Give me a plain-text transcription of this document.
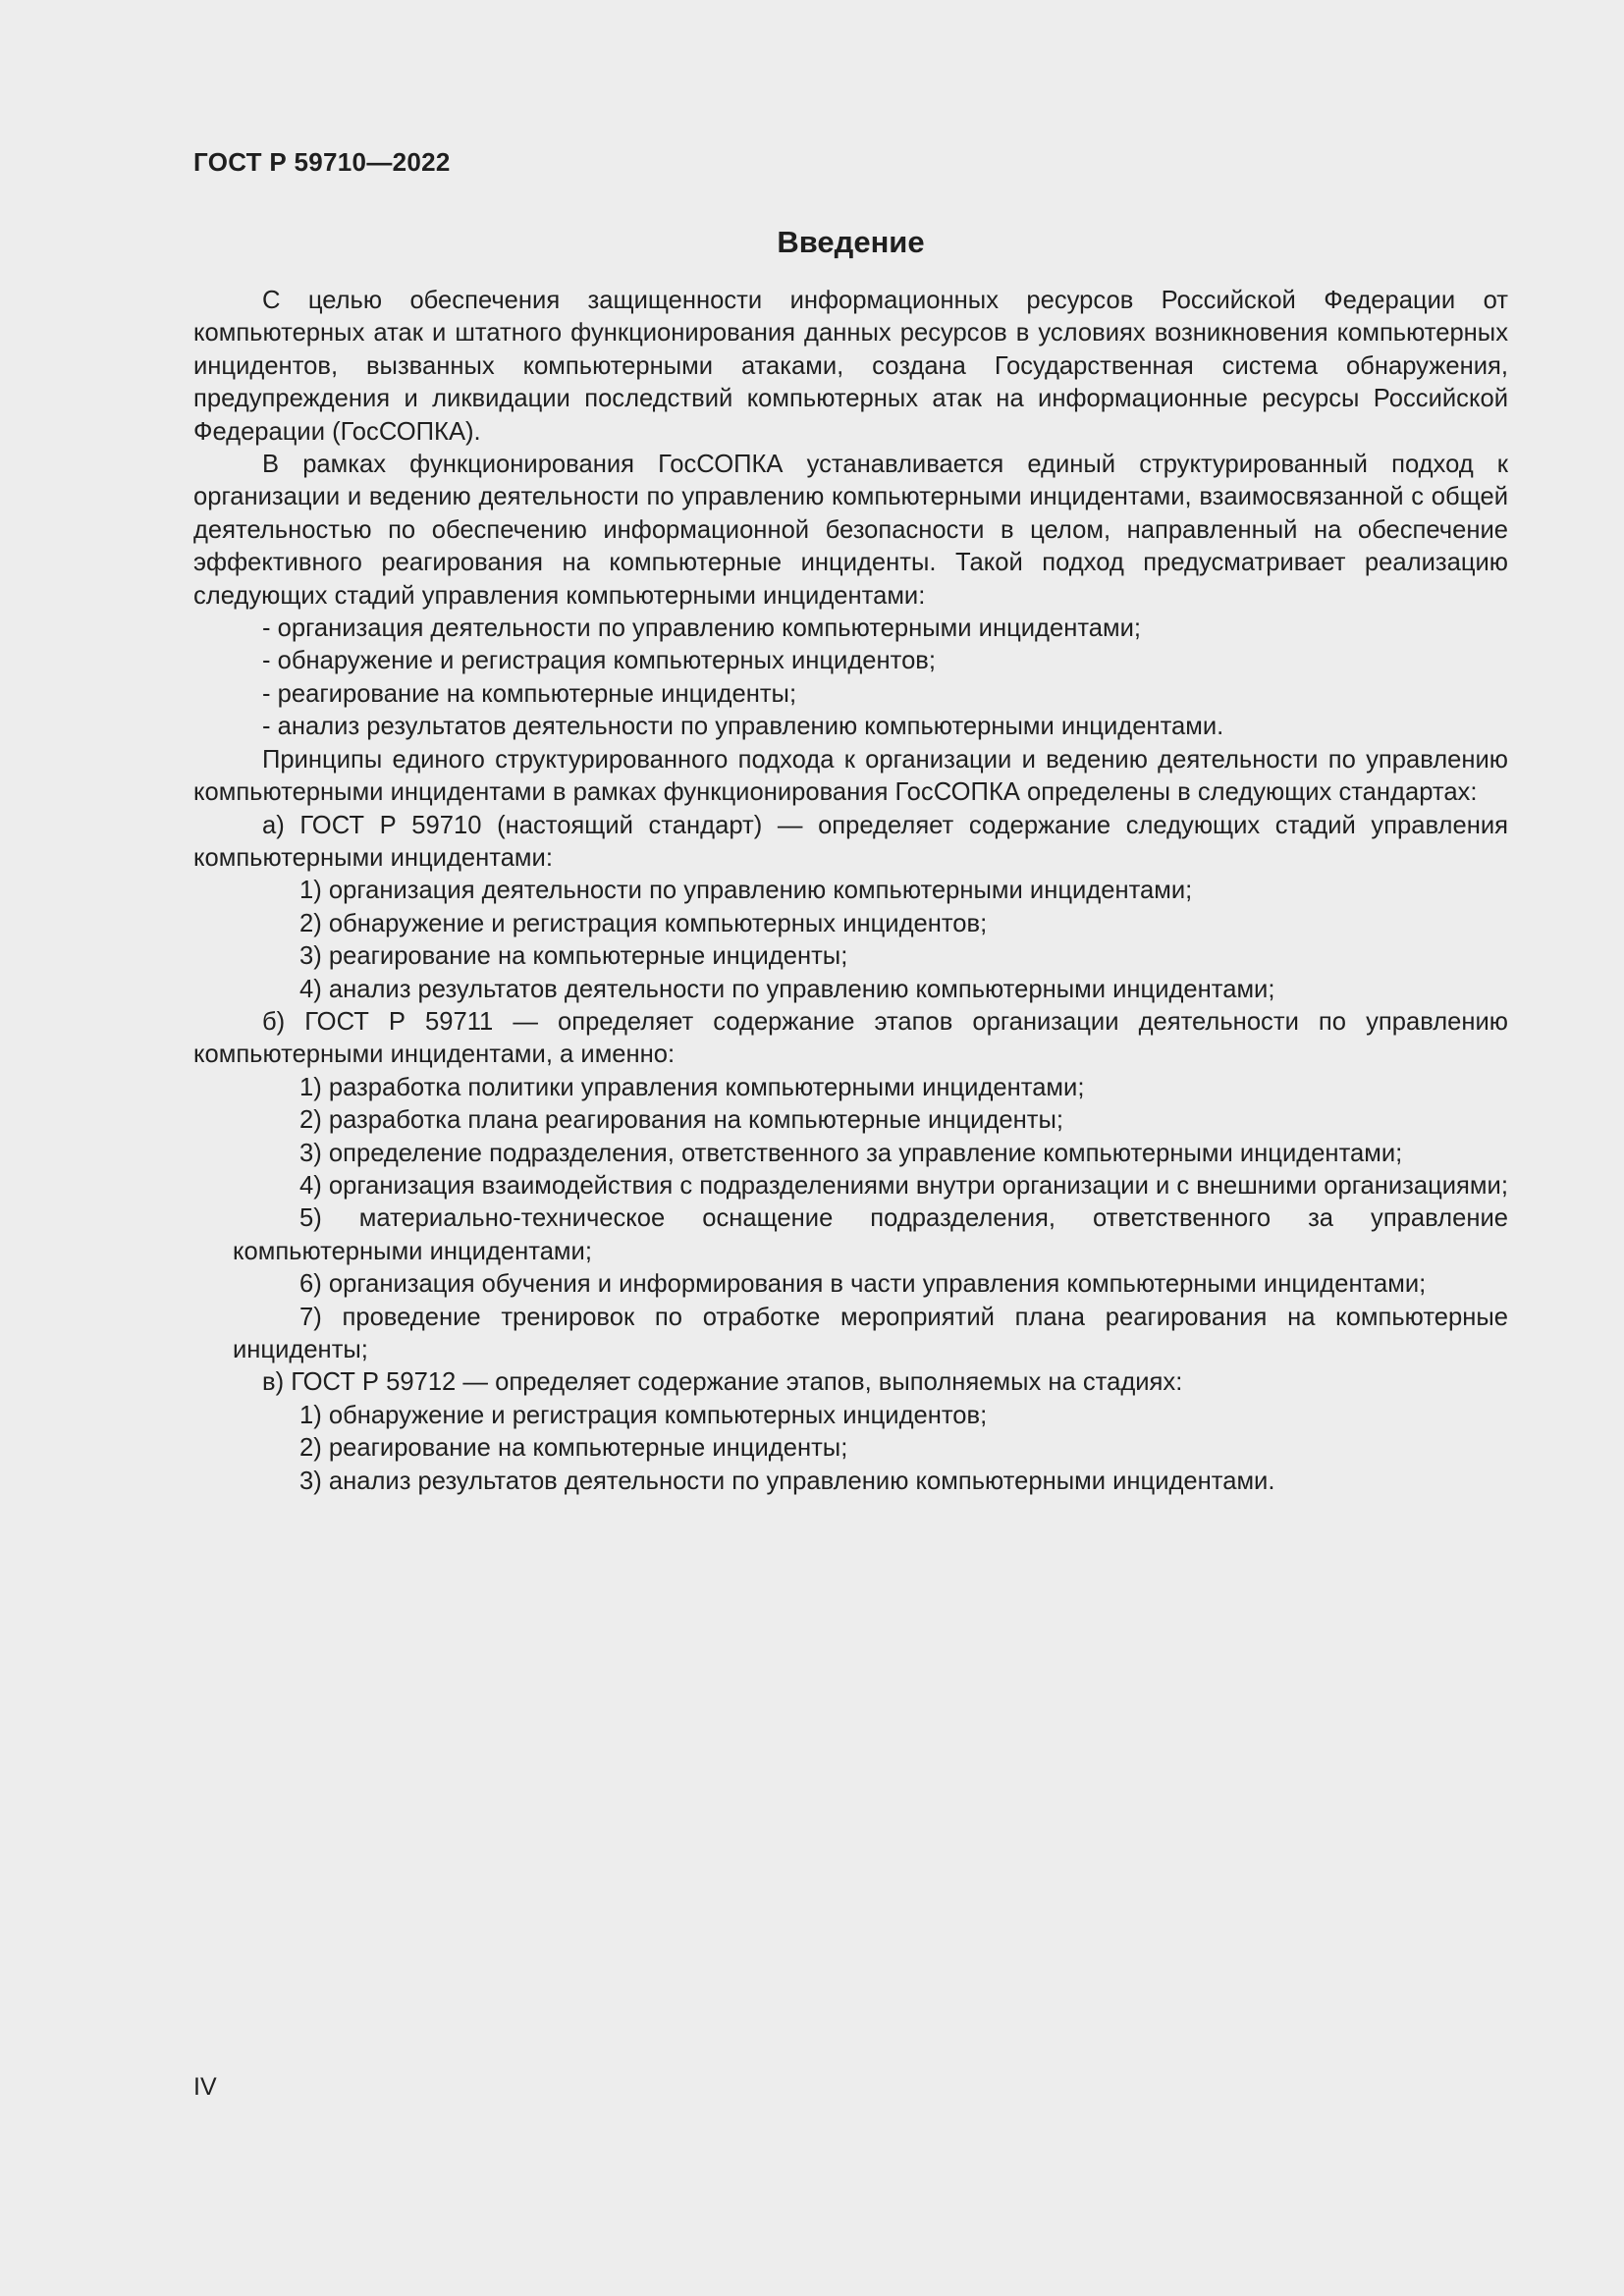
ГОСТ Р 59710—2022
Введение

С целью обеспечения защищенности информационных ресурсов Российской Федерации от компьютерных атак и штатного функционирования данных ресурсов в условиях возникновения компьютерных инцидентов, вызванных компьютерными атаками, создана Государственная система обнаружения, предупреждения и ликвидации последствий компьютерных атак на информационные ресурсы Российской Федерации (ГосСОПКА).

В рамках функционирования ГосСОПКА устанавливается единый структурированный подход к организации и ведению деятельности по управлению компьютерными инцидентами, взаимосвязанной с общей деятельностью по обеспечению информационной безопасности в целом, направленный на обеспечение эффективного реагирования на компьютерные инциденты. Такой подход предусматривает реализацию следующих стадий управления компьютерными инцидентами:

- организация деятельности по управлению компьютерными инцидентами;

- обнаружение и регистрация компьютерных инцидентов;

- реагирование на компьютерные инциденты;

- анализ результатов деятельности по управлению компьютерными инцидентами.

Принципы единого структурированного подхода к организации и ведению деятельности по управлению компьютерными инцидентами в рамках функционирования ГосСОПКА определены в следующих стандартах:

а) ГОСТ Р 59710 (настоящий стандарт) — определяет содержание следующих стадий управления компьютерными инцидентами:

1) организация деятельности по управлению компьютерными инцидентами;

2) обнаружение и регистрация компьютерных инцидентов;

3) реагирование на компьютерные инциденты;

4) анализ результатов деятельности по управлению компьютерными инцидентами;

б) ГОСТ Р 59711 — определяет содержание этапов организации деятельности по управлению компьютерными инцидентами, а именно:

1) разработка политики управления компьютерными инцидентами;

2) разработка плана реагирования на компьютерные инциденты;

3) определение подразделения, ответственного за управление компьютерными инцидентами;

4) организация взаимодействия с подразделениями внутри организации и с внешними организациями;

5) материально-техническое оснащение подразделения, ответственного за управление компьютерными инцидентами;

6) организация обучения и информирования в части управления компьютерными инцидентами;

7) проведение тренировок по отработке мероприятий плана реагирования на компьютерные инциденты;

в) ГОСТ Р 59712 — определяет содержание этапов, выполняемых на стадиях:

1) обнаружение и регистрация компьютерных инцидентов;

2) реагирование на компьютерные инциденты;

3) анализ результатов деятельности по управлению компьютерными инцидентами.

IV
